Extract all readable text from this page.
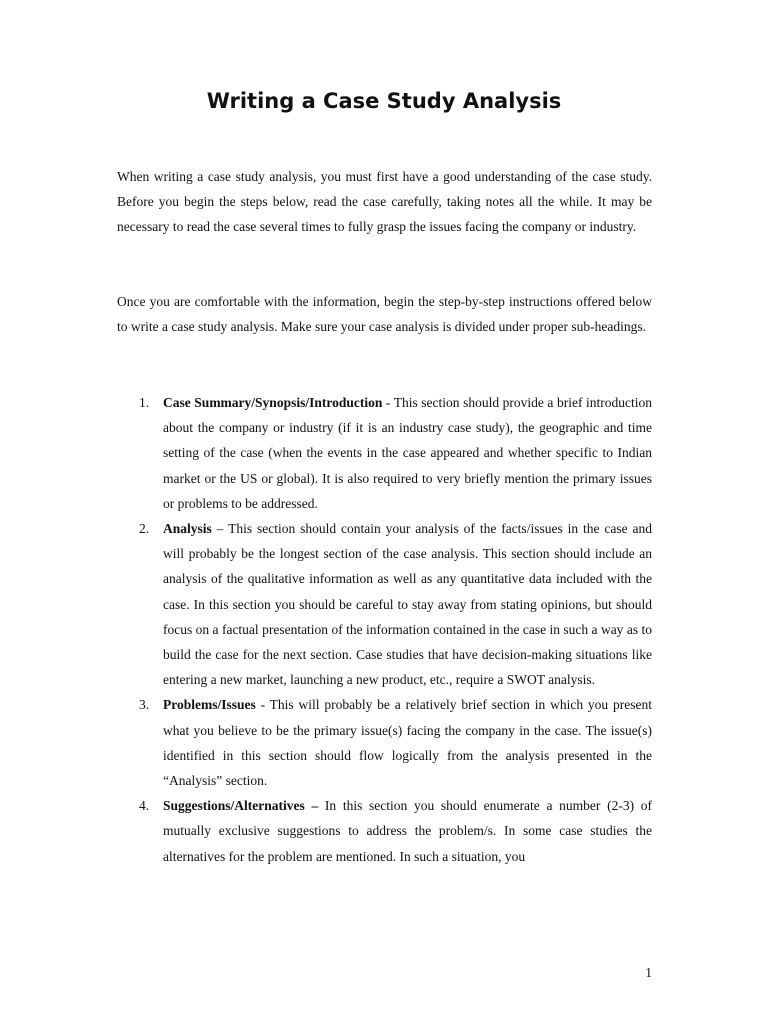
Writing a Case Study Analysis

When writing a case study analysis, you must first have a good understanding of the case study. Before you begin the steps below, read the case carefully, taking notes all the while. It may be necessary to read the case several times to fully grasp the issues facing the company or industry.

Once you are comfortable with the information, begin the step-by-step instructions offered below to write a case study analysis. Make sure your case analysis is divided under proper sub-headings.

1. Case Summary/Synopsis/Introduction - This section should provide a brief introduction about the company or industry (if it is an industry case study), the geographic and time setting of the case (when the events in the case appeared and whether specific to Indian market or the US or global). It is also required to very briefly mention the primary issues or problems to be addressed.
2. Analysis – This section should contain your analysis of the facts/issues in the case and will probably be the longest section of the case analysis. This section should include an analysis of the qualitative information as well as any quantitative data included with the case. In this section you should be careful to stay away from stating opinions, but should focus on a factual presentation of the information contained in the case in such a way as to build the case for the next section. Case studies that have decision-making situations like entering a new market, launching a new product, etc., require a SWOT analysis.
3. Problems/Issues - This will probably be a relatively brief section in which you present what you believe to be the primary issue(s) facing the company in the case. The issue(s) identified in this section should flow logically from the analysis presented in the “Analysis” section.
4. Suggestions/Alternatives – In this section you should enumerate a number (2-3) of mutually exclusive suggestions to address the problem/s. In some case studies the alternatives for the problem are mentioned. In such a situation, you
1
